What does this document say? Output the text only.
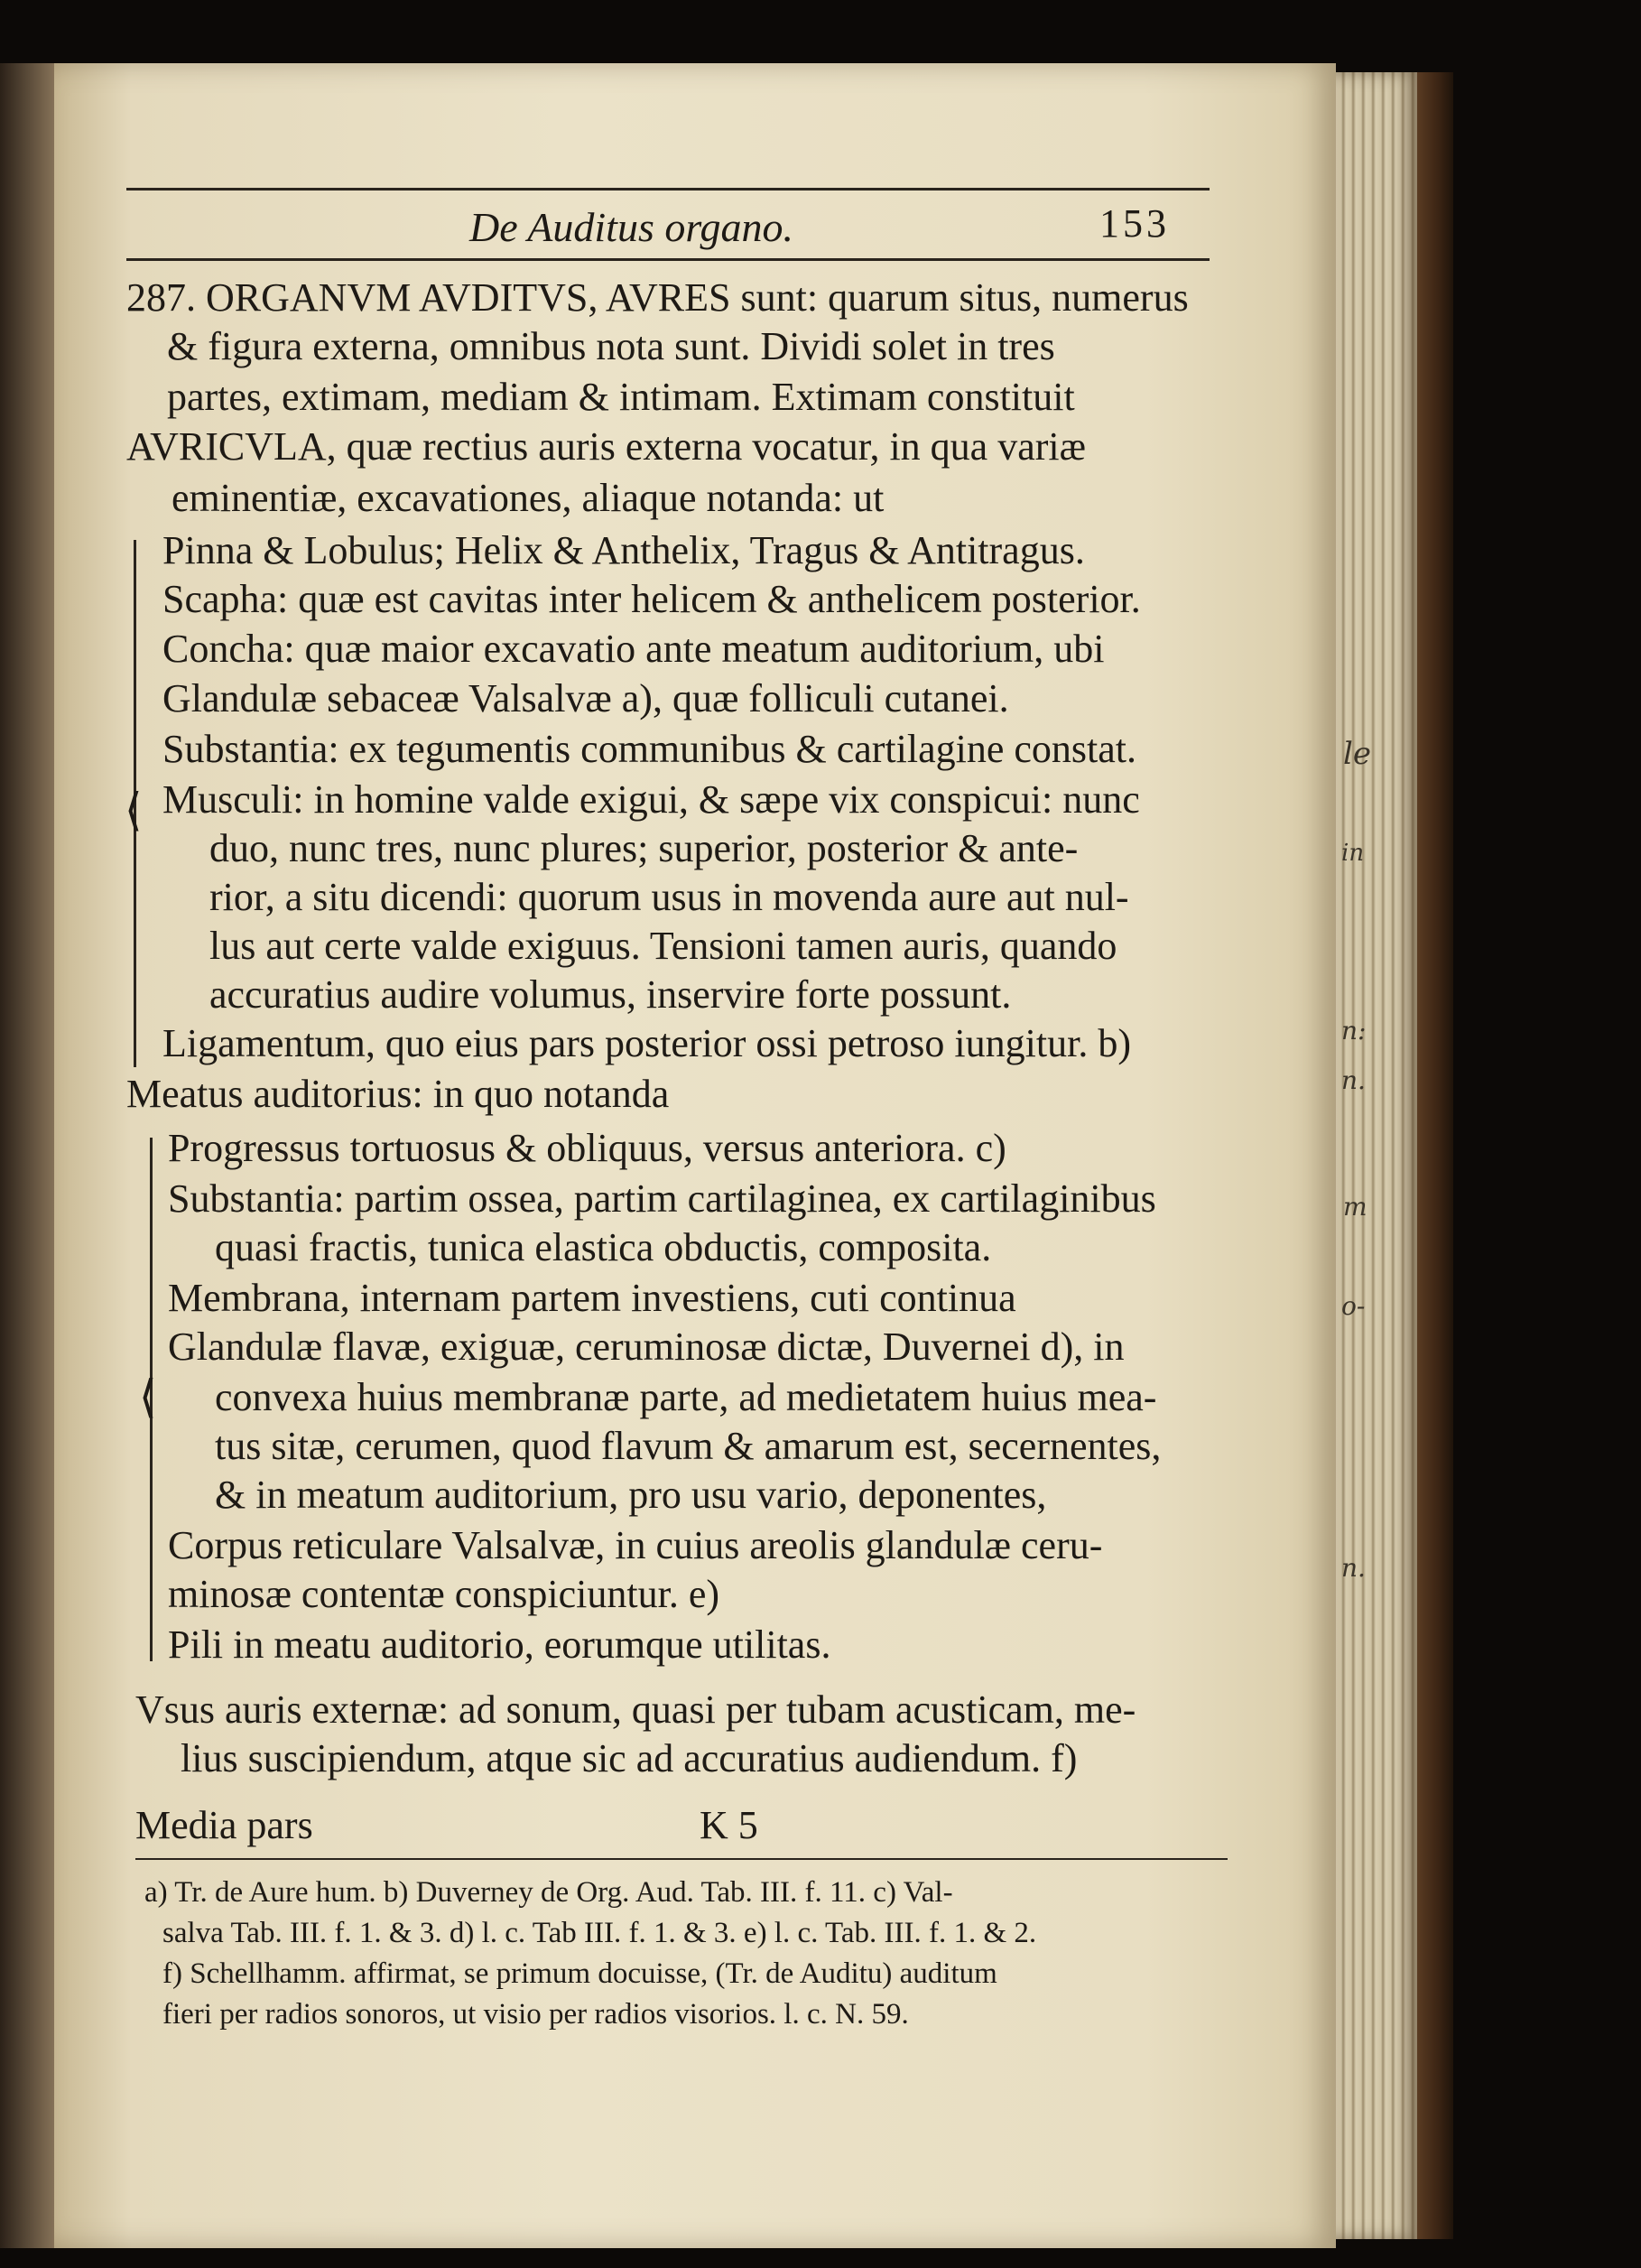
De Auditus organo.	153
287. ORGANVM AVDITVS, AVRES sunt: quarum situs, numerus
& figura externa, omnibus nota sunt. Dividi solet in tres
partes, extimam, mediam & intimam. Extimam constituit
AVRICVLA, quæ rectius auris externa vocatur, in qua variæ
eminentiæ, excavationes, aliaque notanda: ut
⟨
Pinna & Lobulus; Helix & Anthelix, Tragus & Antitragus.
Scapha: quæ est cavitas inter helicem & anthelicem posterior.
Concha: quæ maior excavatio ante meatum auditorium, ubi
Glandulæ sebaceæ Valsalvæ a), quæ folliculi cutanei.
Substantia: ex tegumentis communibus & cartilagine constat.
Musculi: in homine valde exigui, & sæpe vix conspicui: nunc
duo, nunc tres, nunc plures; superior, posterior & ante-
rior, a situ dicendi: quorum usus in movenda aure aut nul-
lus aut certe valde exiguus. Tensioni tamen auris, quando
accuratius audire volumus, inservire forte possunt.
Ligamentum, quo eius pars posterior ossi petroso iungitur. b)
Meatus auditorius: in quo notanda
⟨
Progressus tortuosus & obliquus, versus anteriora. c)
Substantia: partim ossea, partim cartilaginea, ex cartilaginibus
quasi fractis, tunica elastica obductis, composita.
Membrana, internam partem investiens, cuti continua
Glandulæ flavæ, exiguæ, ceruminosæ dictæ, Duvernei d), in
convexa huius membranæ parte, ad medietatem huius mea-
tus sitæ, cerumen, quod flavum & amarum est, secernentes,
& in meatum auditorium, pro usu vario, deponentes,
Corpus reticulare Valsalvæ, in cuius areolis glandulæ ceru-
minosæ contentæ conspiciuntur. e)
Pili in meatu auditorio, eorumque utilitas.
Vsus auris externæ: ad sonum, quasi per tubam acusticam, me-
lius suscipiendum, atque sic ad accuratius audiendum. f)
Media pars	K 5
a) Tr. de Aure hum. b) Duverney de Org. Aud. Tab. III. f. 11. c) Val-
salva Tab. III. f. 1. & 3. d) l. c. Tab III. f. 1. & 3. e) l. c. Tab. III. f. 1. & 2.
f) Schellhamm. affirmat, se primum docuisse, (Tr. de Auditu) auditum
fieri per radios sonoros, ut visio per radios visorios. l. c. N. 59.
le
in
n:
n.
m
o-
n.
